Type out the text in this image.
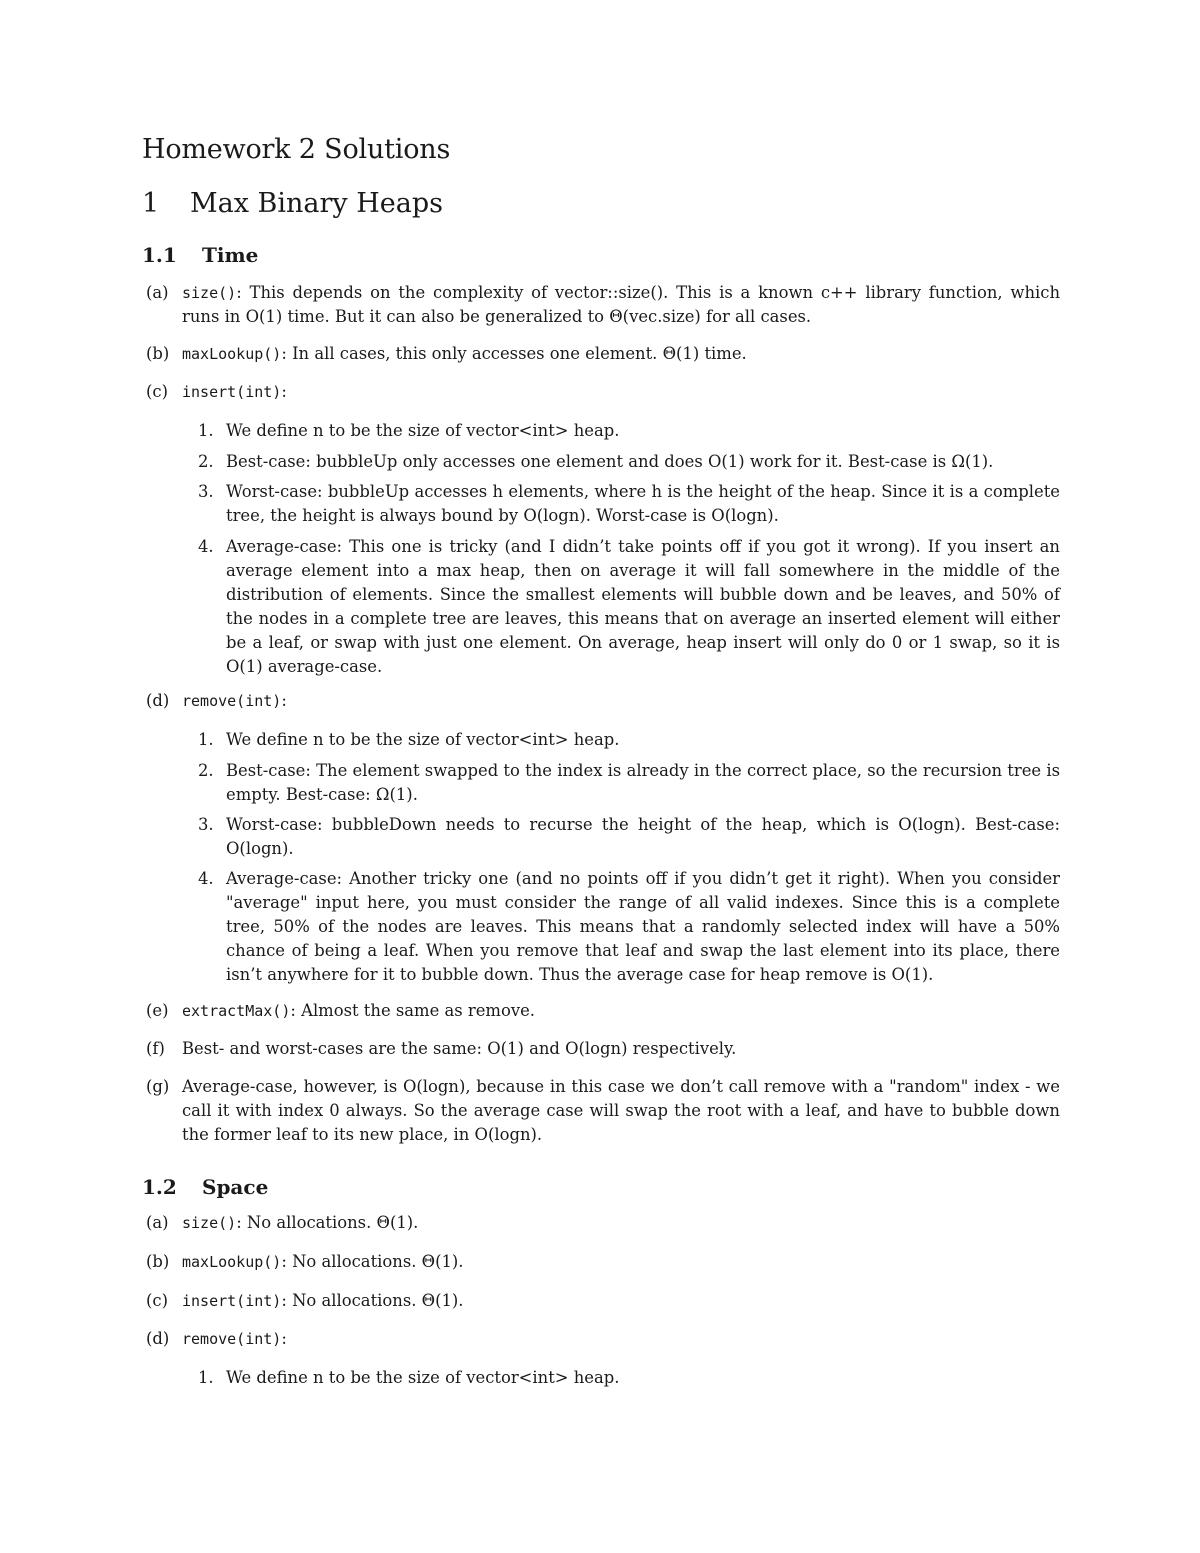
Homework 2 Solutions
1 Max Binary Heaps
1.1 Time
(a) size(): This depends on the complexity of vector::size(). This is a known c++ library function, which runs in O(1) time. But it can also be generalized to Θ(vec.size) for all cases.
(b) maxLookup(): In all cases, this only accesses one element. Θ(1) time.
(c) insert(int):
1. We define n to be the size of vector<int> heap.
2. Best-case: bubbleUp only accesses one element and does O(1) work for it. Best-case is Ω(1).
3. Worst-case: bubbleUp accesses h elements, where h is the height of the heap. Since it is a complete tree, the height is always bound by O(logn). Worst-case is O(logn).
4. Average-case: This one is tricky (and I didn’t take points off if you got it wrong). If you insert an average element into a max heap, then on average it will fall somewhere in the middle of the distribution of elements. Since the smallest elements will bubble down and be leaves, and 50% of the nodes in a complete tree are leaves, this means that on average an inserted element will either be a leaf, or swap with just one element. On average, heap insert will only do 0 or 1 swap, so it is O(1) average-case.
(d) remove(int):
1. We define n to be the size of vector<int> heap.
2. Best-case: The element swapped to the index is already in the correct place, so the recursion tree is empty. Best-case: Ω(1).
3. Worst-case: bubbleDown needs to recurse the height of the heap, which is O(logn). Best-case: O(logn).
4. Average-case: Another tricky one (and no points off if you didn’t get it right). When you consider "average" input here, you must consider the range of all valid indexes. Since this is a complete tree, 50% of the nodes are leaves. This means that a randomly selected index will have a 50% chance of being a leaf. When you remove that leaf and swap the last element into its place, there isn’t anywhere for it to bubble down. Thus the average case for heap remove is O(1).
(e) extractMax(): Almost the same as remove.
(f) Best- and worst-cases are the same: O(1) and O(logn) respectively.
(g) Average-case, however, is O(logn), because in this case we don’t call remove with a "random" index - we call it with index 0 always. So the average case will swap the root with a leaf, and have to bubble down the former leaf to its new place, in O(logn).
1.2 Space
(a) size(): No allocations. Θ(1).
(b) maxLookup(): No allocations. Θ(1).
(c) insert(int): No allocations. Θ(1).
(d) remove(int):
1. We define n to be the size of vector<int> heap.
